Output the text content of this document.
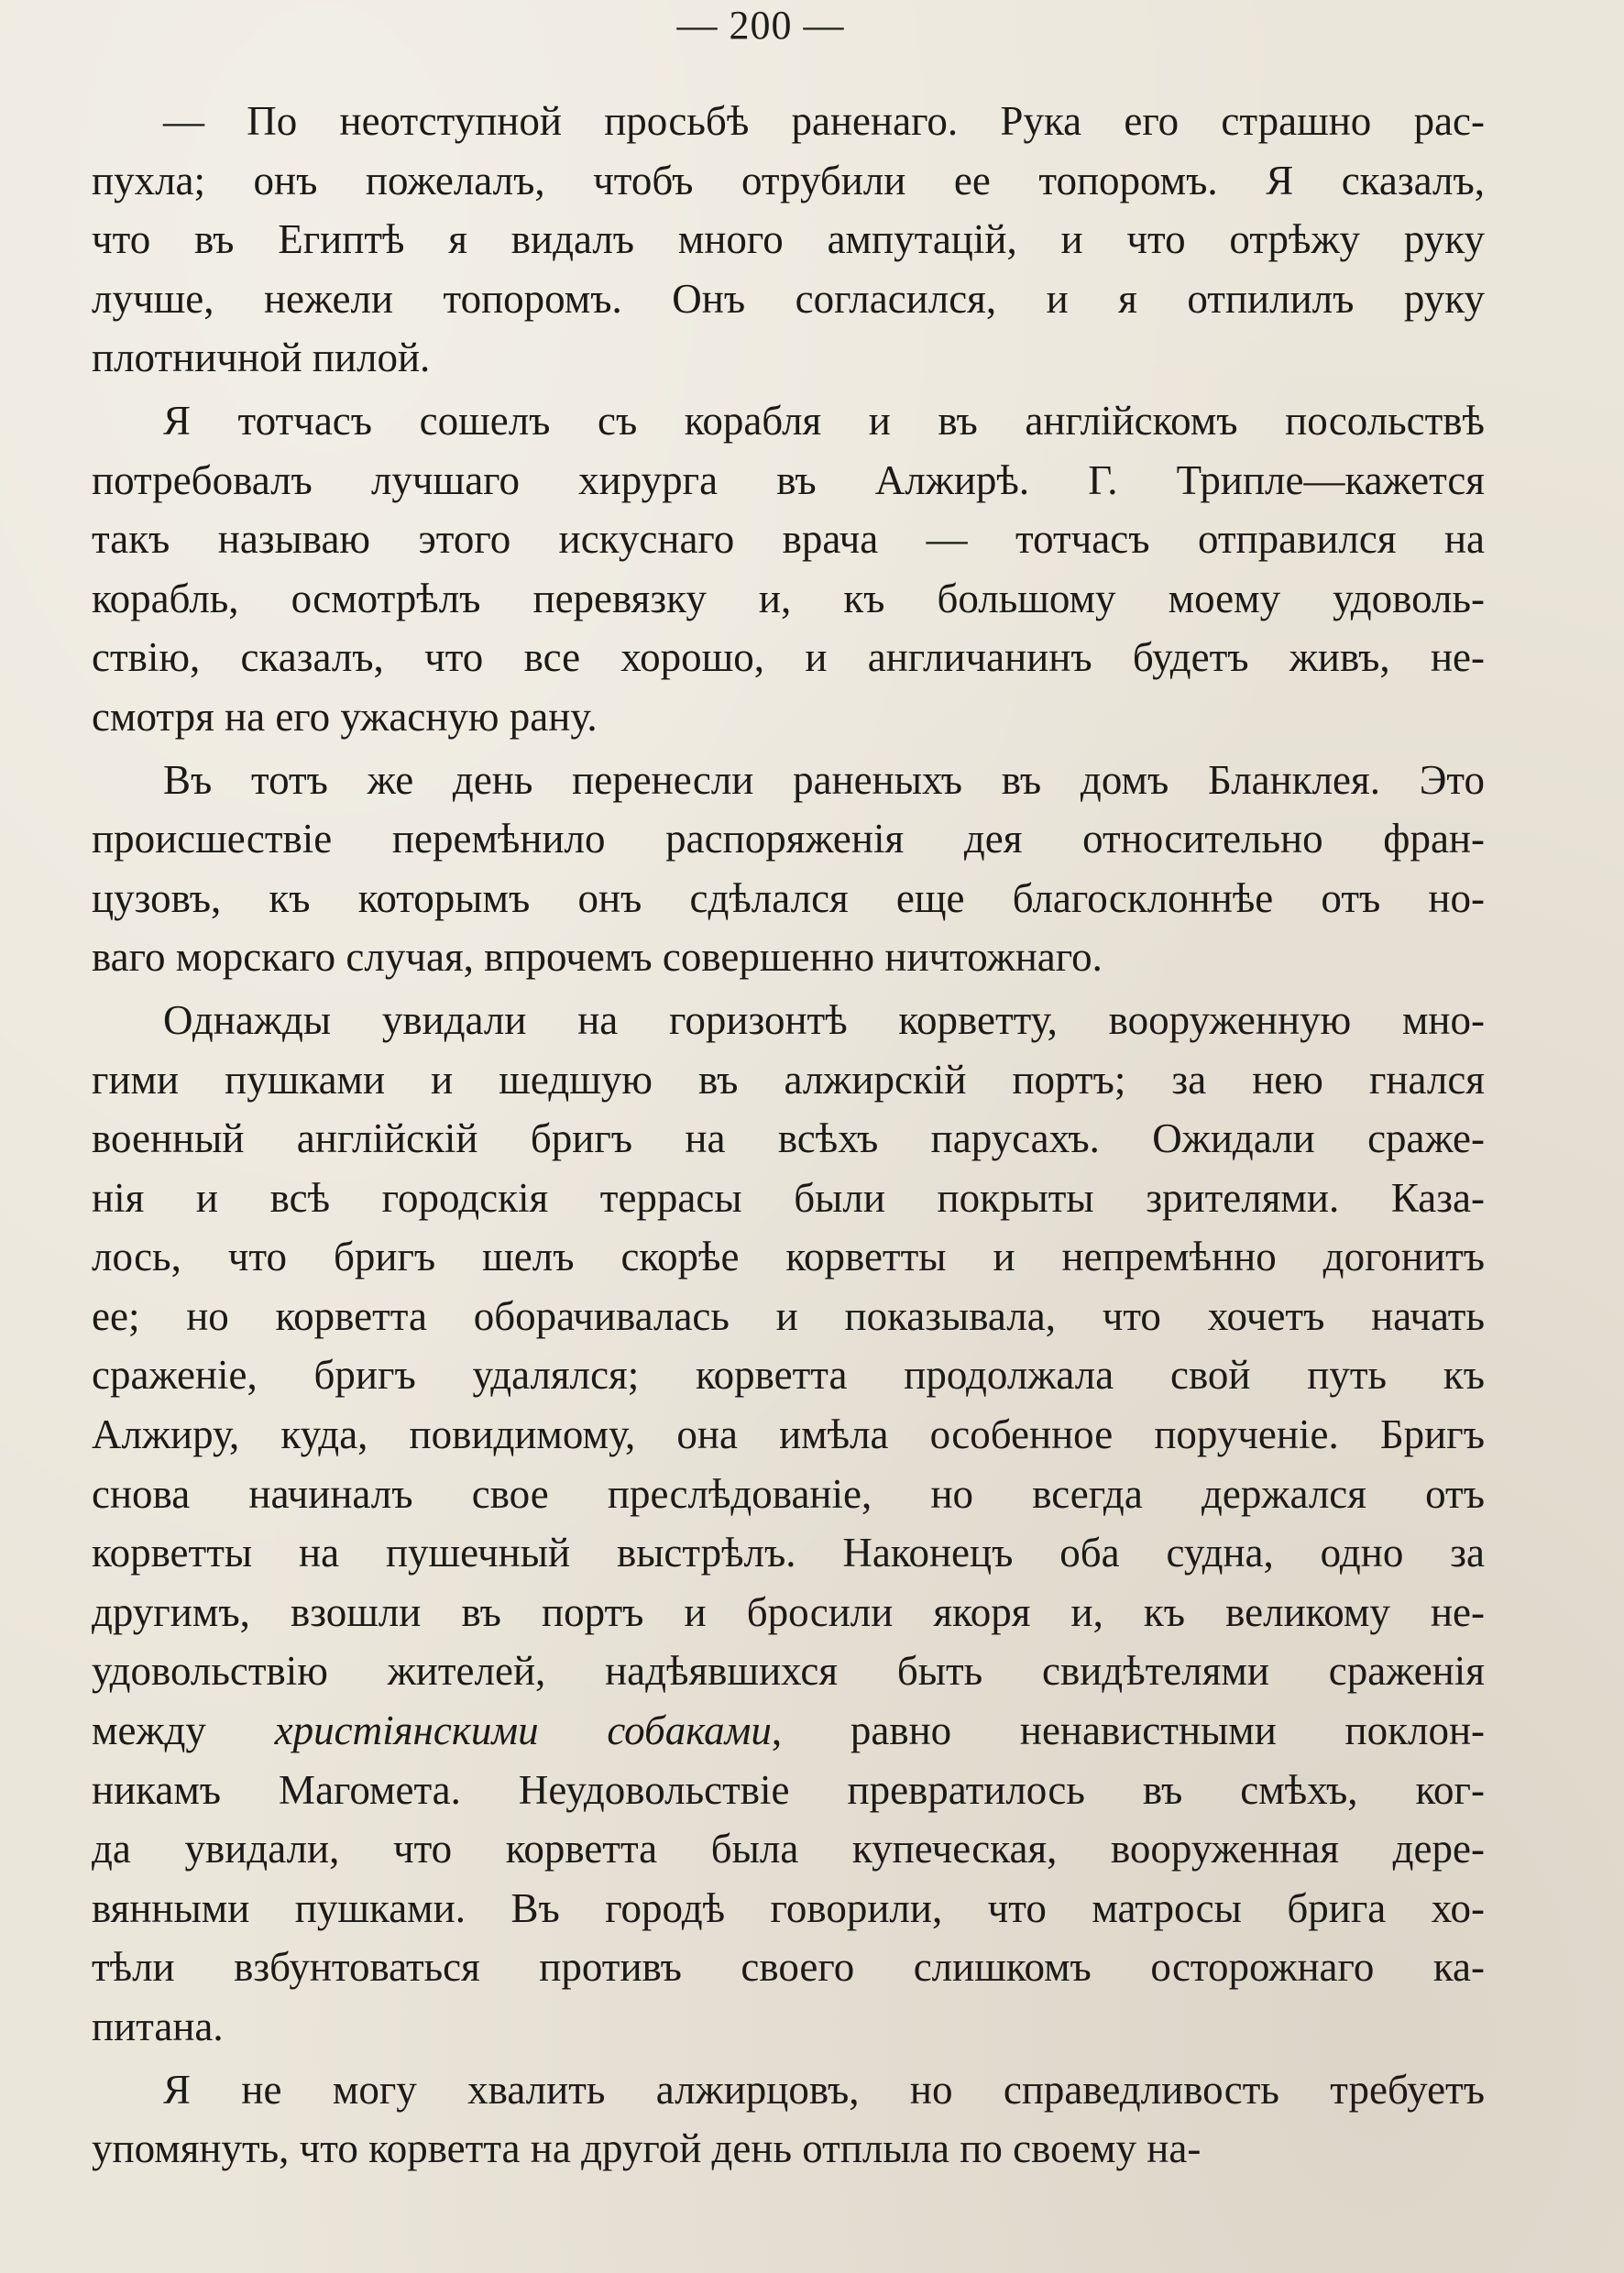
— 200 —
— По неотступной просьбѣ раненаго. Рука его страшно рас-
пухла; онъ пожелалъ, чтобъ отрубили ее топоромъ. Я сказалъ,
что въ Египтѣ я видалъ много ампутацій, и что отрѣжу руку
лучше, нежели топоромъ. Онъ согласился, и я отпилилъ руку
плотничной пилой.
Я тотчасъ сошелъ съ корабля и въ англійскомъ посольствѣ
потребовалъ лучшаго хирурга въ Алжирѣ. Г. Трипле—кажется
такъ называю этого искуснаго врача — тотчасъ отправился на
корабль, осмотрѣлъ перевязку и, къ большому моему удоволь-
ствію, сказалъ, что все хорошо, и англичанинъ будетъ живъ, не-
смотря на его ужасную рану.
Въ тотъ же день перенесли раненыхъ въ домъ Бланклея. Это
происшествіе перемѣнило распоряженія дея относительно фран-
цузовъ, къ которымъ онъ сдѣлался еще благосклоннѣе отъ но-
ваго морскаго случая, впрочемъ совершенно ничтожнаго.
Однажды увидали на горизонтѣ корветту, вооруженную мно-
гими пушками и шедшую въ алжирскій портъ; за нею гнался
военный англійскій бригъ на всѣхъ парусахъ. Ожидали сраже-
нія и всѣ городскія террасы были покрыты зрителями. Каза-
лось, что бригъ шелъ скорѣе корветты и непремѣнно догонитъ
ее; но корветта оборачивалась и показывала, что хочетъ начать
сраженіе, бригъ удалялся; корветта продолжала свой путь къ
Алжиру, куда, повидимому, она имѣла особенное порученіе. Бригъ
снова начиналъ свое преслѣдованіе, но всегда держался отъ
корветты на пушечный выстрѣлъ. Наконецъ оба судна, одно за
другимъ, взошли въ портъ и бросили якоря и, къ великому не-
удовольствію жителей, надѣявшихся быть свидѣтелями сраженія
между христіянскими собаками, равно ненавистными поклон-
никамъ Магомета. Неудовольствіе превратилось въ смѣхъ, ког-
да увидали, что корветта была купеческая, вооруженная дере-
вянными пушками. Въ городѣ говорили, что матросы брига хо-
тѣли взбунтоваться противъ своего слишкомъ осторожнаго ка-
питана.
Я не могу хвалить алжирцовъ, но справедливость требуетъ
упомянуть, что корветта на другой день отплыла по своему на-
